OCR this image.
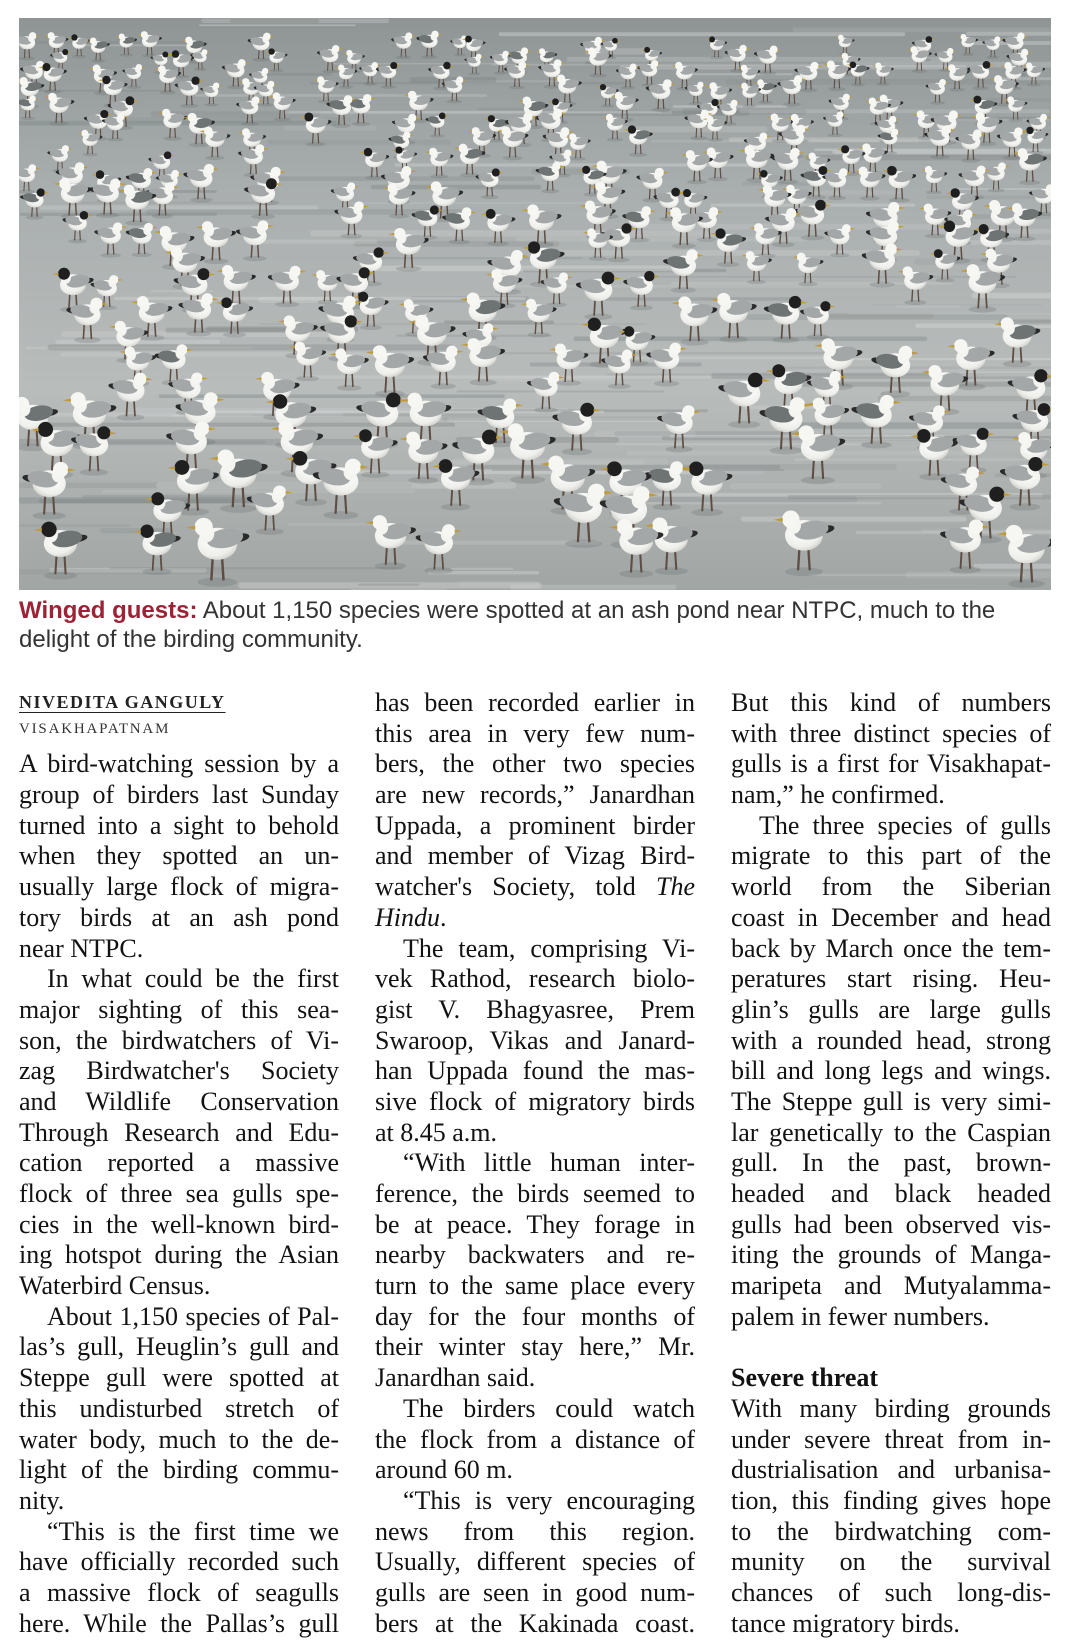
Winged guests: About 1,150 species were spotted at an ash pond near NTPC, much to the
delight of the birding community.
NIVEDITA GANGULY
VISAKHAPATNAM
A bird-watching session by a
group of birders last Sunday
turned into a sight to behold
when they spotted an un-
usually large flock of migra-
tory birds at an ash pond
near NTPC.
In what could be the first
major sighting of this sea-
son, the birdwatchers of Vi-
zag Birdwatcher's Society
and Wildlife Conservation
Through Research and Edu-
cation reported a massive
flock of three sea gulls spe-
cies in the well-known bird-
ing hotspot during the Asian
Waterbird Census.
About 1,150 species of Pal-
las’s gull, Heuglin’s gull and
Steppe gull were spotted at
this undisturbed stretch of
water body, much to the de-
light of the birding commu-
nity.
“This is the first time we
have officially recorded such
a massive flock of seagulls
here. While the Pallas’s gull
has been recorded earlier in
this area in very few num-
bers, the other two species
are new records,” Janardhan
Uppada, a prominent birder
and member of Vizag Bird-
watcher's Society, told The
Hindu.
The team, comprising Vi-
vek Rathod, research biolo-
gist V. Bhagyasree, Prem
Swaroop, Vikas and Janard-
han Uppada found the mas-
sive flock of migratory birds
at 8.45 a.m.
“With little human inter-
ference, the birds seemed to
be at peace. They forage in
nearby backwaters and re-
turn to the same place every
day for the four months of
their winter stay here,” Mr.
Janardhan said.
The birders could watch
the flock from a distance of
around 60 m.
“This is very encouraging
news from this region.
Usually, different species of
gulls are seen in good num-
bers at the Kakinada coast.
But this kind of numbers
with three distinct species of
gulls is a first for Visakhapat-
nam,” he confirmed.
The three species of gulls
migrate to this part of the
world from the Siberian
coast in December and head
back by March once the tem-
peratures start rising. Heu-
glin’s gulls are large gulls
with a rounded head, strong
bill and long legs and wings.
The Steppe gull is very simi-
lar genetically to the Caspian
gull. In the past, brown-
headed and black headed
gulls had been observed vis-
iting the grounds of Manga-
maripeta and Mutyalamma-
palem in fewer numbers.
Severe threat
With many birding grounds
under severe threat from in-
dustrialisation and urbanisa-
tion, this finding gives hope
to the birdwatching com-
munity on the survival
chances of such long-dis-
tance migratory birds.
